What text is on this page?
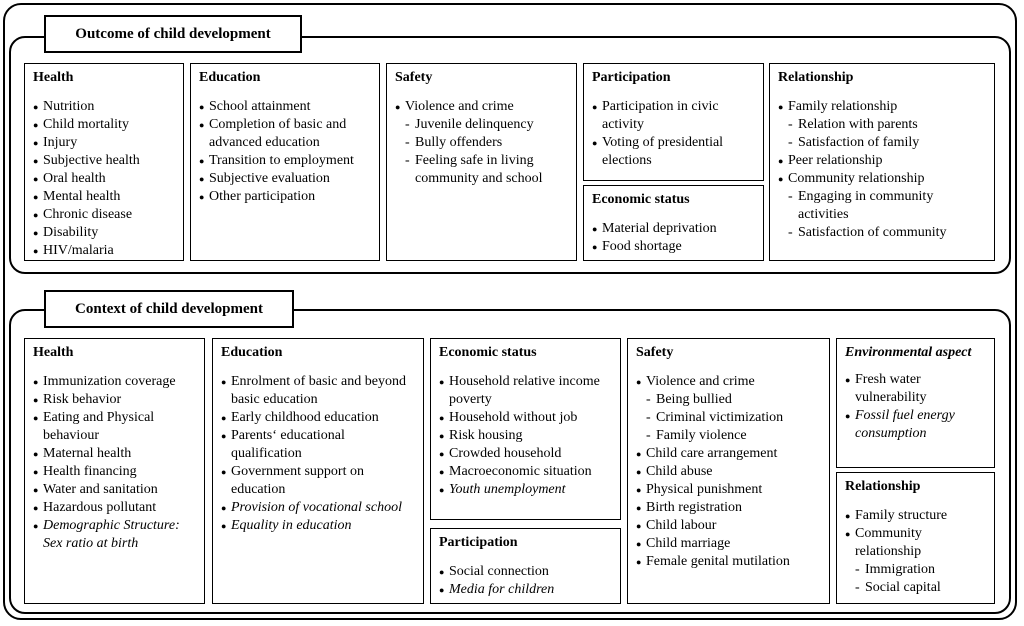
Outcome of child development
Health
● Nutrition
● Child mortality
● Injury
● Subjective health
● Oral health
● Mental health
● Chronic disease
● Disability
● HIV/malaria
Education
● School attainment
● Completion of basic and advanced education
● Transition to employment
● Subjective evaluation
● Other participation
Safety
● Violence and crime
- Juvenile delinquency
- Bully offenders
- Feeling safe in living community and school
Participation
● Participation in civic activity
● Voting of presidential elections
Economic status
● Material deprivation
● Food shortage
Relationship
● Family relationship
- Relation with parents
- Satisfaction of family
● Peer relationship
● Community relationship
- Engaging in community activities
- Satisfaction of community
Context of child development
Health
● Immunization coverage
● Risk behavior
● Eating and Physical behaviour
● Maternal health
● Health financing
● Water and sanitation
● Hazardous pollutant
● Demographic Structure: Sex ratio at birth
Education
● Enrolment of basic and beyond basic education
● Early childhood education
● Parents‘ educational qualification
● Government support on education
● Provision of vocational school
● Equality in education
Economic status
● Household relative income poverty
● Household without job
● Risk housing
● Crowded household
● Macroeconomic situation
● Youth unemployment
Participation
● Social connection
● Media for children
Safety
● Violence and crime
- Being bullied
- Criminal victimization
- Family violence
● Child care arrangement
● Child abuse
● Physical punishment
● Birth registration
● Child labour
● Child marriage
● Female genital mutilation
Environmental aspect
● Fresh water vulnerability
● Fossil fuel energy consumption
Relationship
● Family structure
● Community relationship
- Immigration
- Social capital
